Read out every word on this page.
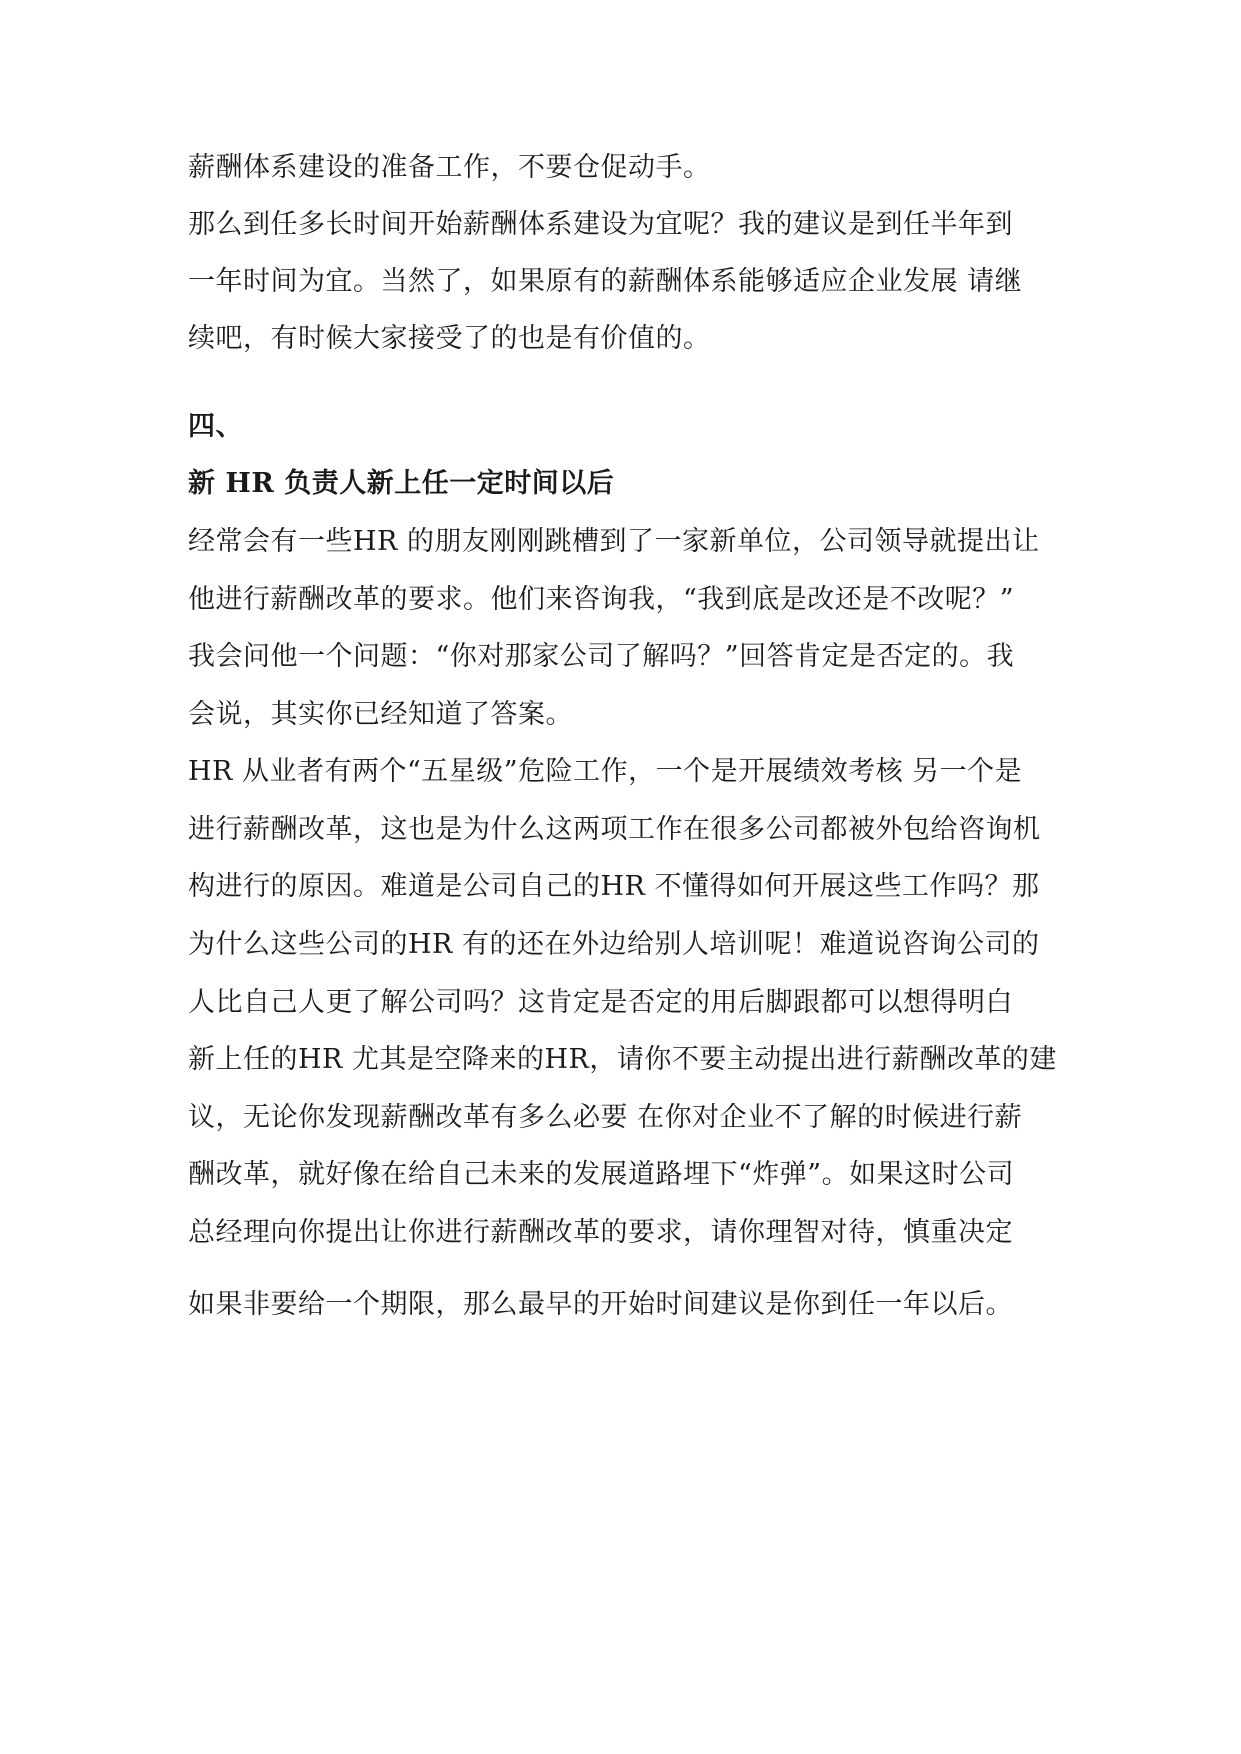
薪酬体系建设的准备工作，不要仓促动手。
那么到任多长时间开始薪酬体系建设为宜呢？我的建议是到任半年到
一年时间为宜。当然了，如果原有的薪酬体系能够适应企业发展 请继
续吧，有时候大家接受了的也是有价值的。
四、
新 HR 负责人新上任一定时间以后
经常会有一些HR 的朋友刚刚跳槽到了一家新单位，公司领导就提出让
他进行薪酬改革的要求。他们来咨询我，“我到底是改还是不改呢？”
我会问他一个问题：“你对那家公司了解吗？”回答肯定是否定的。我
会说，其实你已经知道了答案。
HR 从业者有两个“五星级”危险工作，一个是开展绩效考核 另一个是
进行薪酬改革，这也是为什么这两项工作在很多公司都被外包给咨询机
构进行的原因。难道是公司自己的HR 不懂得如何开展这些工作吗？那
为什么这些公司的HR 有的还在外边给别人培训呢！难道说咨询公司的
人比自己人更了解公司吗？这肯定是否定的用后脚跟都可以想得明白
新上任的HR 尤其是空降来的HR，请你不要主动提出进行薪酬改革的建
议，无论你发现薪酬改革有多么必要 在你对企业不了解的时候进行薪
酬改革，就好像在给自己未来的发展道路埋下“炸弹”。如果这时公司
总经理向你提出让你进行薪酬改革的要求，请你理智对待，慎重决定
如果非要给一个期限，那么最早的开始时间建议是你到任一年以后。
